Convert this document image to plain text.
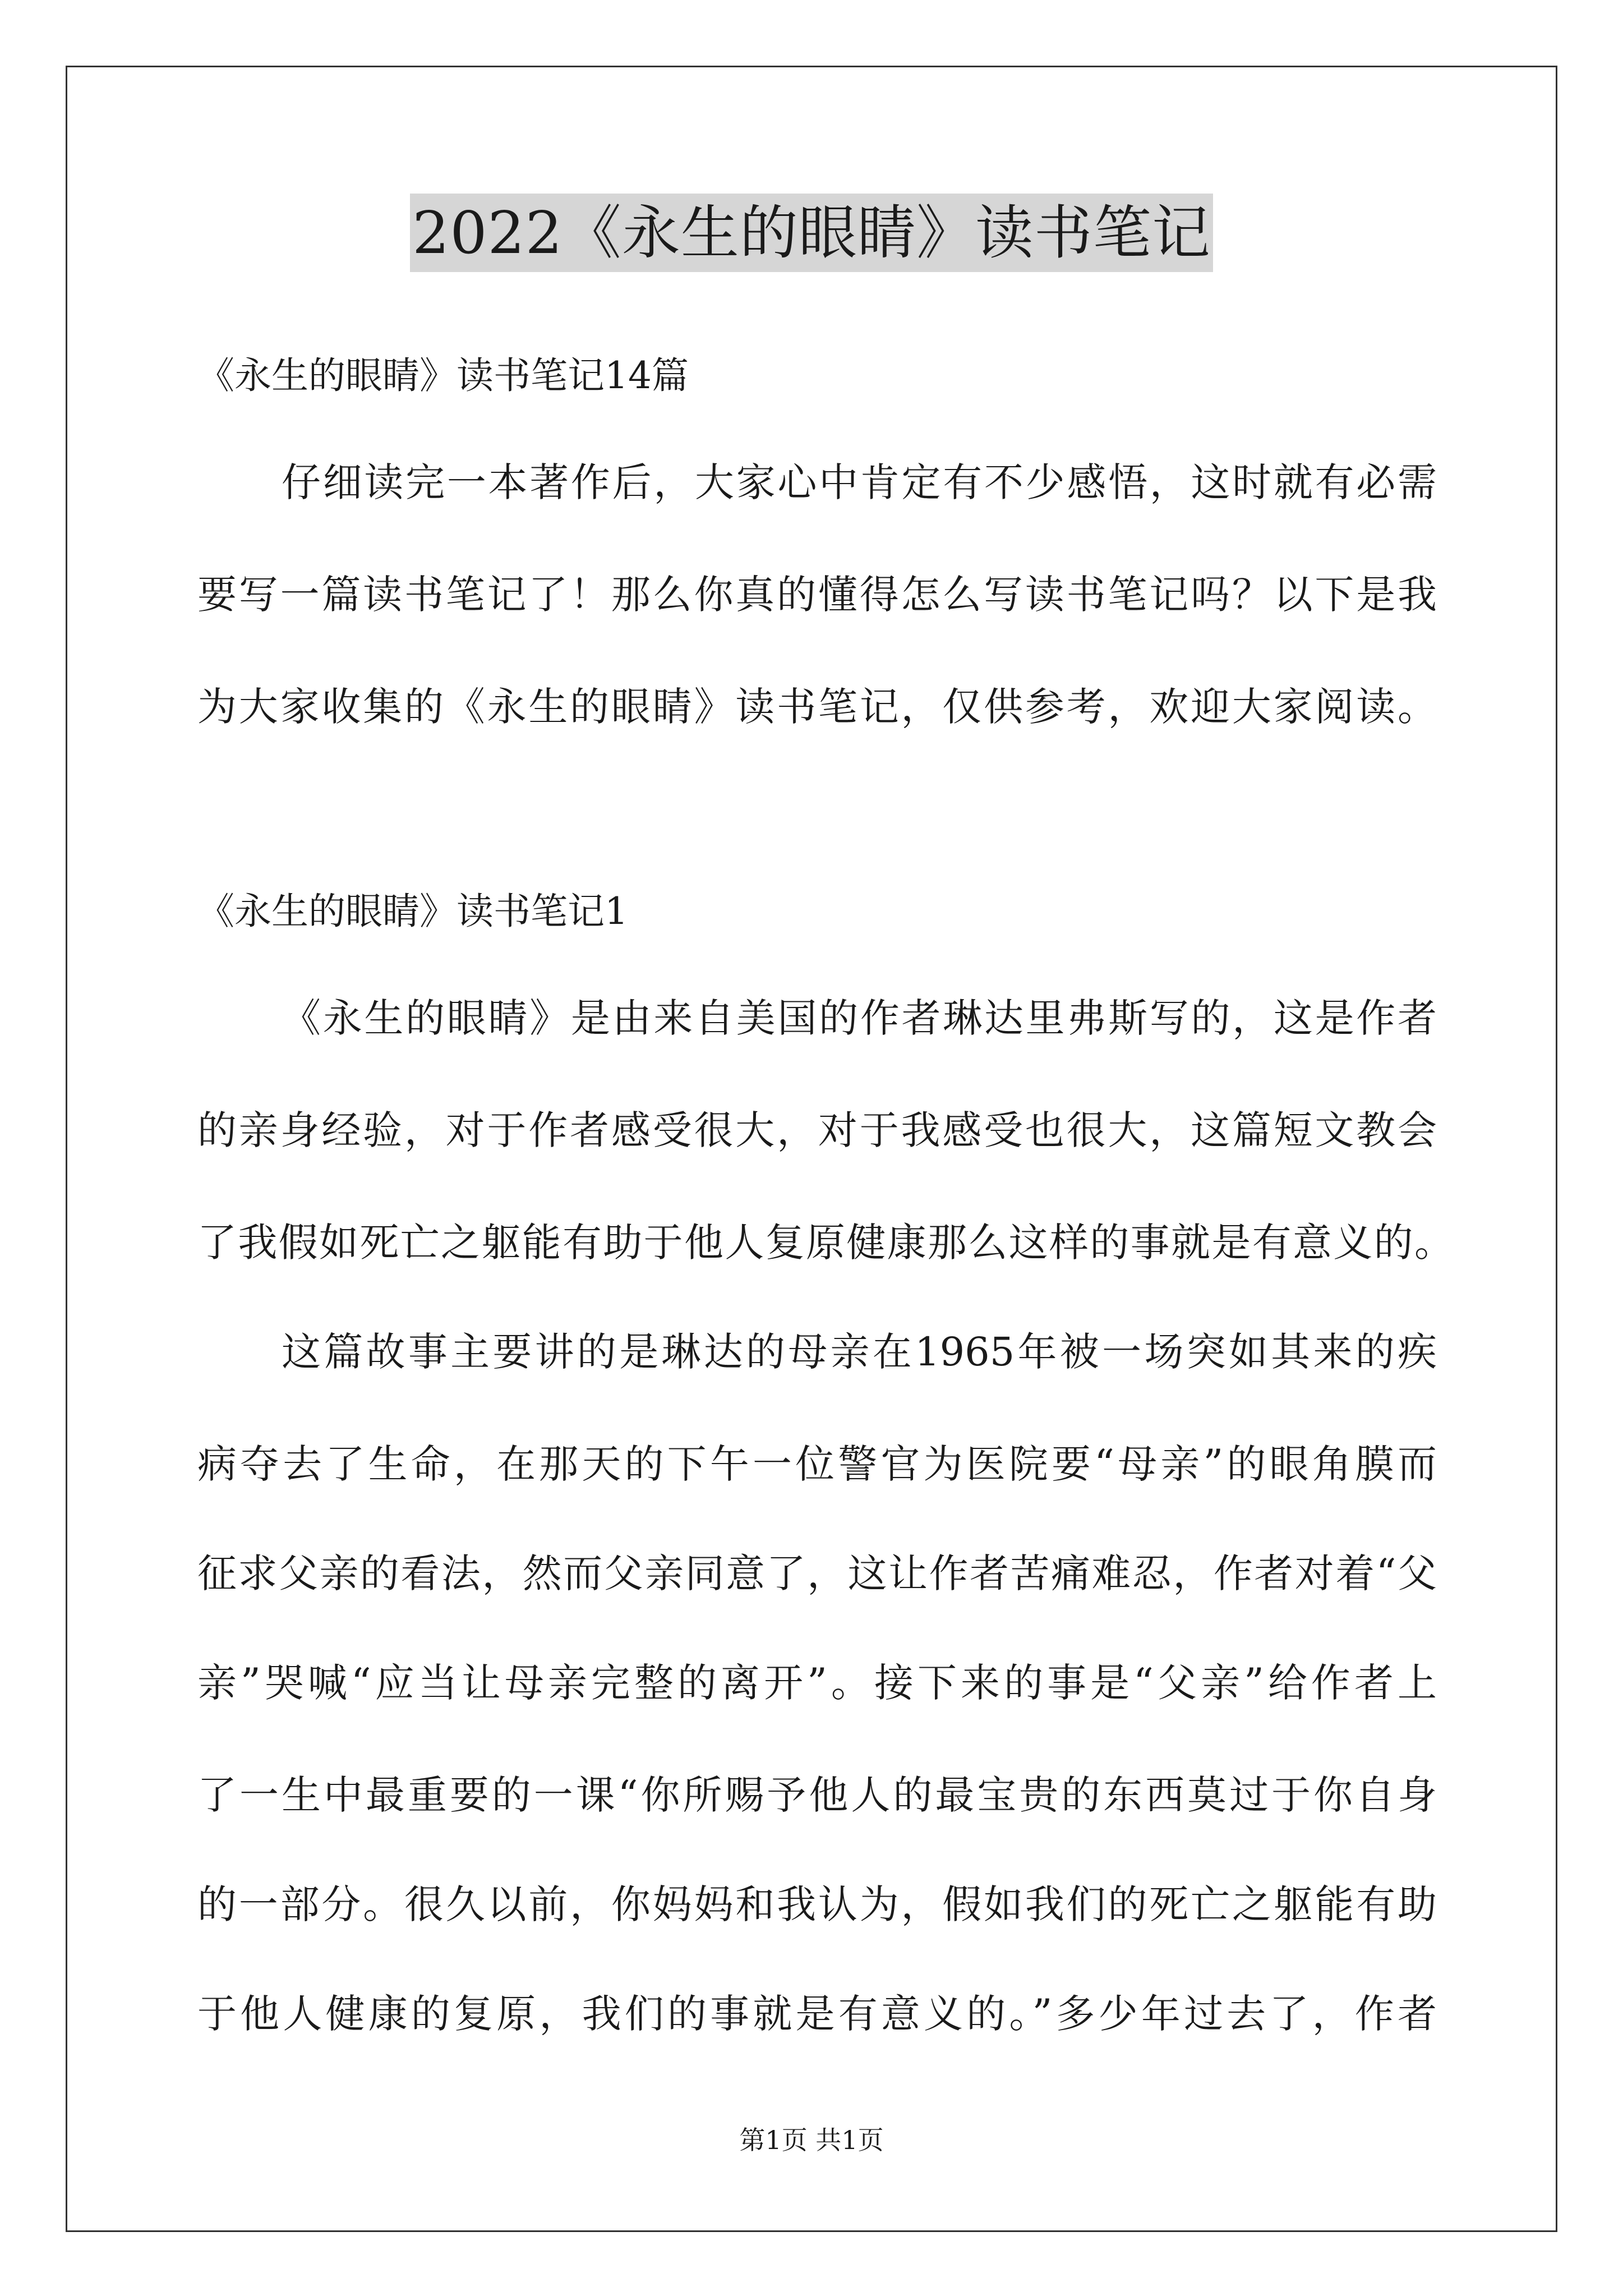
2022《永生的眼睛》读书笔记
《永生的眼睛》读书笔记14篇
仔细读完一本著作后，大家心中肯定有不少感悟，这时就有必需
要写一篇读书笔记了！那么你真的懂得怎么写读书笔记吗？以下是我
为大家收集的《永生的眼睛》读书笔记，仅供参考，欢迎大家阅读。
《永生的眼睛》读书笔记1
《永生的眼睛》是由来自美国的作者琳达里弗斯写的，这是作者
的亲身经验，对于作者感受很大，对于我感受也很大，这篇短文教会
了我假如死亡之躯能有助于他人复原健康那么这样的事就是有意义的。
这篇故事主要讲的是琳达的母亲在1965年被一场突如其来的疾
病夺去了生命，在那天的下午一位警官为医院要“母亲”的眼角膜而
征求父亲的看法，然而父亲同意了，这让作者苦痛难忍，作者对着“父
亲”哭喊“应当让母亲完整的离开”。接下来的事是“父亲”给作者上
了一生中最重要的一课“你所赐予他人的最宝贵的东西莫过于你自身
的一部分。很久以前，你妈妈和我认为，假如我们的死亡之躯能有助
于他人健康的复原，我们的事就是有意义的。”多少年过去了，作者
第1页 共1页
